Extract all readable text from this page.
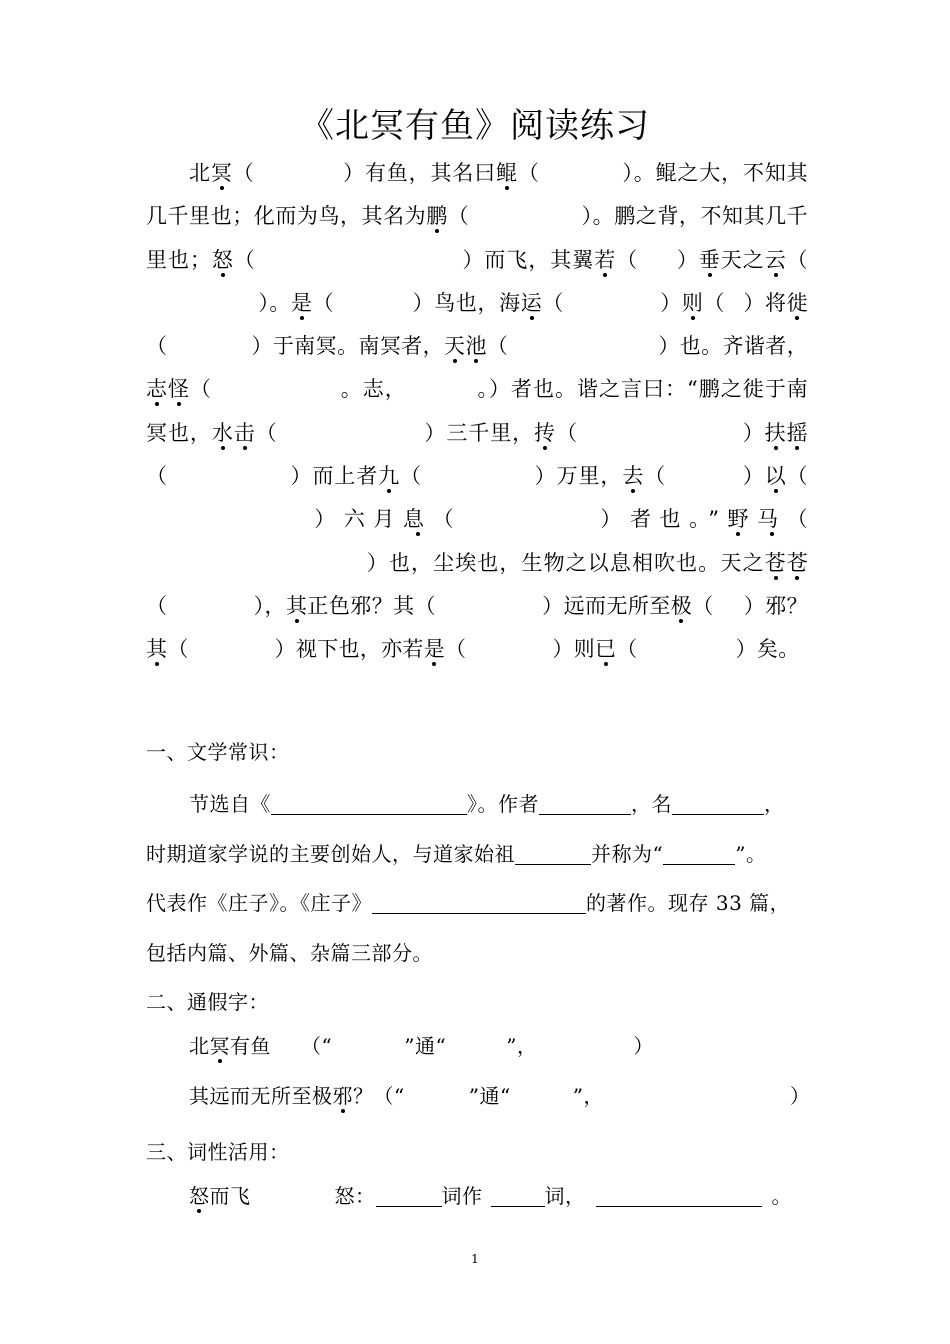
《北冥有鱼》阅读练习
北冥（	）有鱼，其名曰鲲（	）。鲲之大，不知其几千里也；化而为鸟，其名为鹏（	）。鹏之背，不知其几千里也；怒（	）而飞，其翼若（ ）垂天之云（）。是（	）鸟也，海运（	）则（ ）将徙（	）于南冥。南冥者，天池（	）也。齐谐者，志怪（	。志，	。）者也。谐之言曰：“鹏之徙于南冥也，水击（	）三千里，抟（	）扶摇（	）而上者九（	）万里，去（	）以（）六月息（	）者也。”野马（）也，尘埃也，生物之以息相吹也。天之苍苍（	），其正色邪？其（	）远而无所至极（ ）邪？其（	）视下也，亦若是（	）则已（	）矣。
一、文学常识：
节选自《	》。作者	，名	，
时期道家学说的主要创始人，与道家始祖	并称为“	”。
代表作《庄子》。《庄子》	的著作。现存 33 篇，
包括内篇、外篇、杂篇三部分。
二、通假字：
北冥有鱼 （“	”通“	”，	）
其远而无所至极邪？（“	”通“	”，	）
三、词性活用：
怒而飞	怒：	词作	词，	。
1
